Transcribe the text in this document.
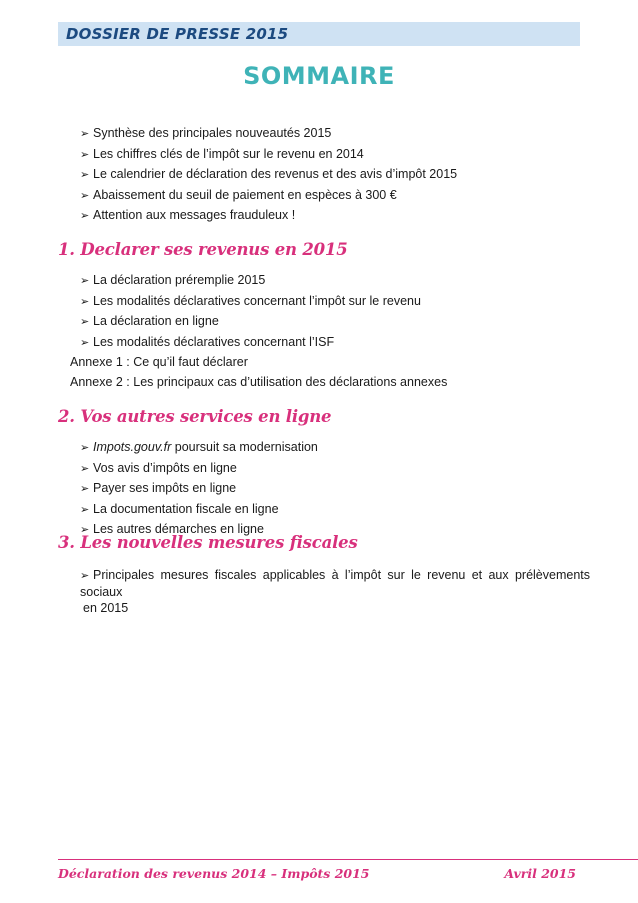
DOSSIER DE PRESSE 2015
SOMMAIRE
➢ Synthèse des principales nouveautés 2015
➢ Les chiffres clés de l’impôt sur le revenu en 2014
➢ Le calendrier de déclaration des revenus et des avis d’impôt 2015
➢ Abaissement du seuil de paiement en espèces à 300 €
➢ Attention aux messages frauduleux !
1. Declarer ses revenus en 2015
➢ La déclaration préremplie 2015
➢ Les modalités déclaratives concernant l’impôt sur le revenu
➢ La déclaration en ligne
➢ Les modalités déclaratives concernant l’ISF
Annexe 1 : Ce qu’il faut déclarer
Annexe 2 : Les principaux cas d’utilisation des déclarations annexes
2. Vos autres services en ligne
➢ Impots.gouv.fr poursuit sa modernisation
➢ Vos avis d’impôts en ligne
➢ Payer ses impôts en ligne
➢ La documentation fiscale en ligne
➢ Les autres démarches en ligne
3. Les nouvelles mesures fiscales
➢ Principales mesures fiscales applicables à l’impôt sur le revenu et aux prélèvements sociaux
en 2015
Déclaration des revenus 2014 – Impôts 2015	Avril 2015
